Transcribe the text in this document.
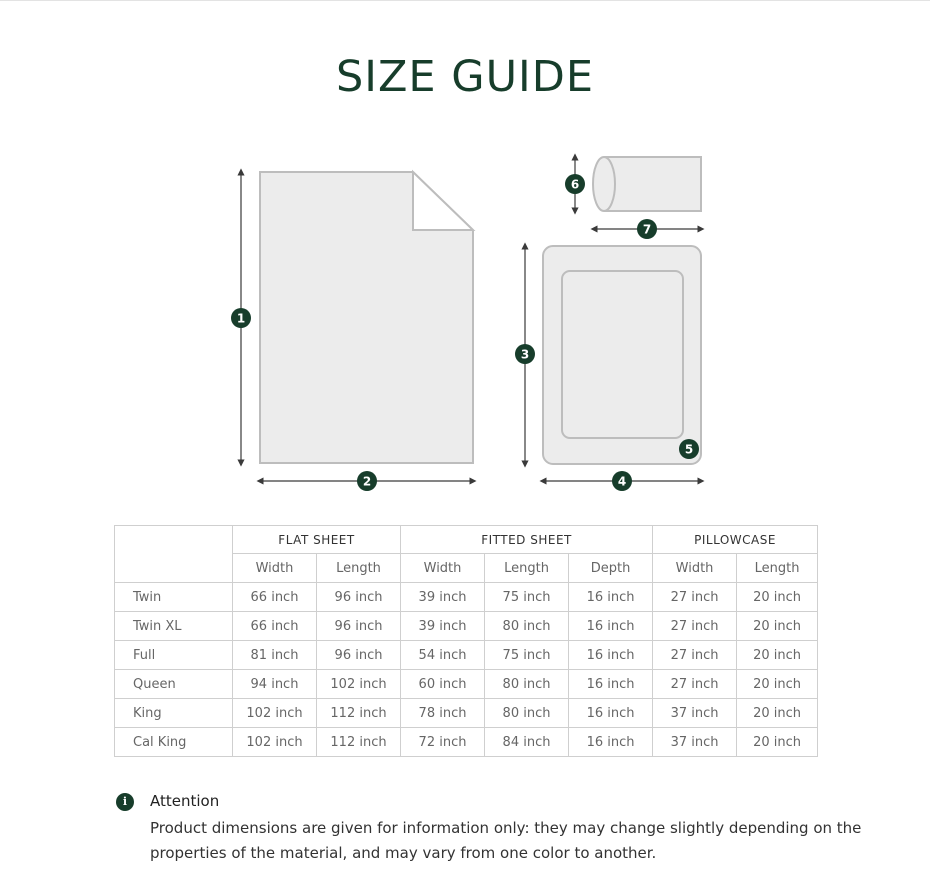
SIZE GUIDE
1
2
3
4
5
6
7
	FLAT SHEET		FITTED SHEET			PILLOWCASE	
	Width	Length	Width	Length	Depth	Width	Length
Twin	66 inch	96 inch	39 inch	75 inch	16 inch	27 inch	20 inch
Twin XL	66 inch	96 inch	39 inch	80 inch	16 inch	27 inch	20 inch
Full	81 inch	96 inch	54 inch	75 inch	16 inch	27 inch	20 inch
Queen	94 inch	102 inch	60 inch	80 inch	16 inch	27 inch	20 inch
King	102 inch	112 inch	78 inch	80 inch	16 inch	37 inch	20 inch
Cal King	102 inch	112 inch	72 inch	84 inch	16 inch	37 inch	20 inch
i	Attention
Product dimensions are given for information only: they may change slightly depending on the properties of the material, and may vary from one color to another.
